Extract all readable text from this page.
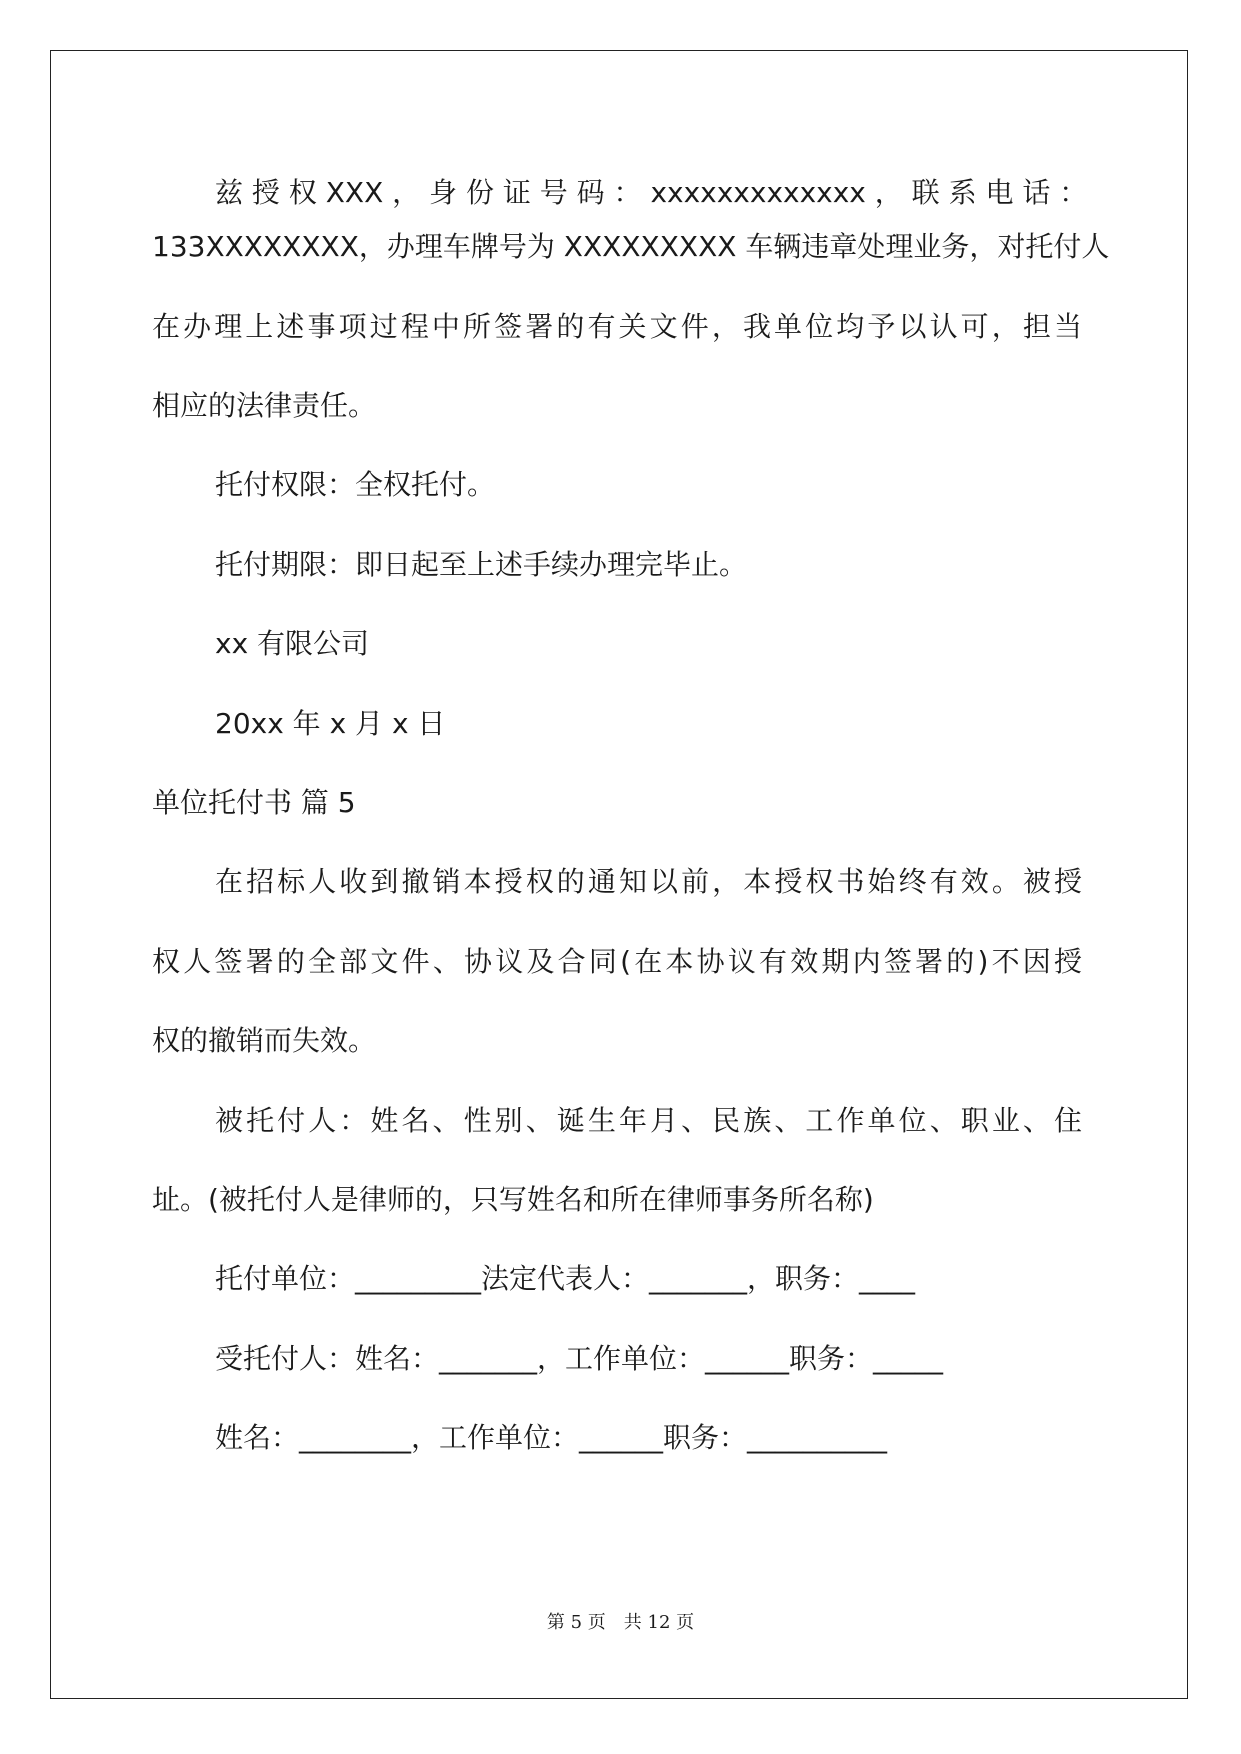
兹 授 权 XXX ， 身 份 证 号 码 ： xxxxxxxxxxxxx ， 联 系 电 话 ：
133XXXXXXXX，办理车牌号为 XXXXXXXXX 车辆违章处理业务，对托付人
在办理上述事项过程中所签署的有关文件，我单位均予以认可，担当
相应的法律责任。
托付权限：全权托付。
托付期限：即日起至上述手续办理完毕止。
xx 有限公司
20xx 年 x 月 x 日
单位托付书 篇 5
在招标人收到撤销本授权的通知以前，本授权书始终有效。被授
权人签署的全部文件、协议及合同(在本协议有效期内签署的)不因授
权的撤销而失效。
被托付人：姓名、性别、诞生年月、民族、工作单位、职业、住
址。(被托付人是律师的，只写姓名和所在律师事务所名称)
托付单位：_________法定代表人：_______，职务：____
受托付人：姓名：_______，工作单位：______职务：_____
姓名：________，工作单位：______职务：__________
第 5 页　共 12 页
